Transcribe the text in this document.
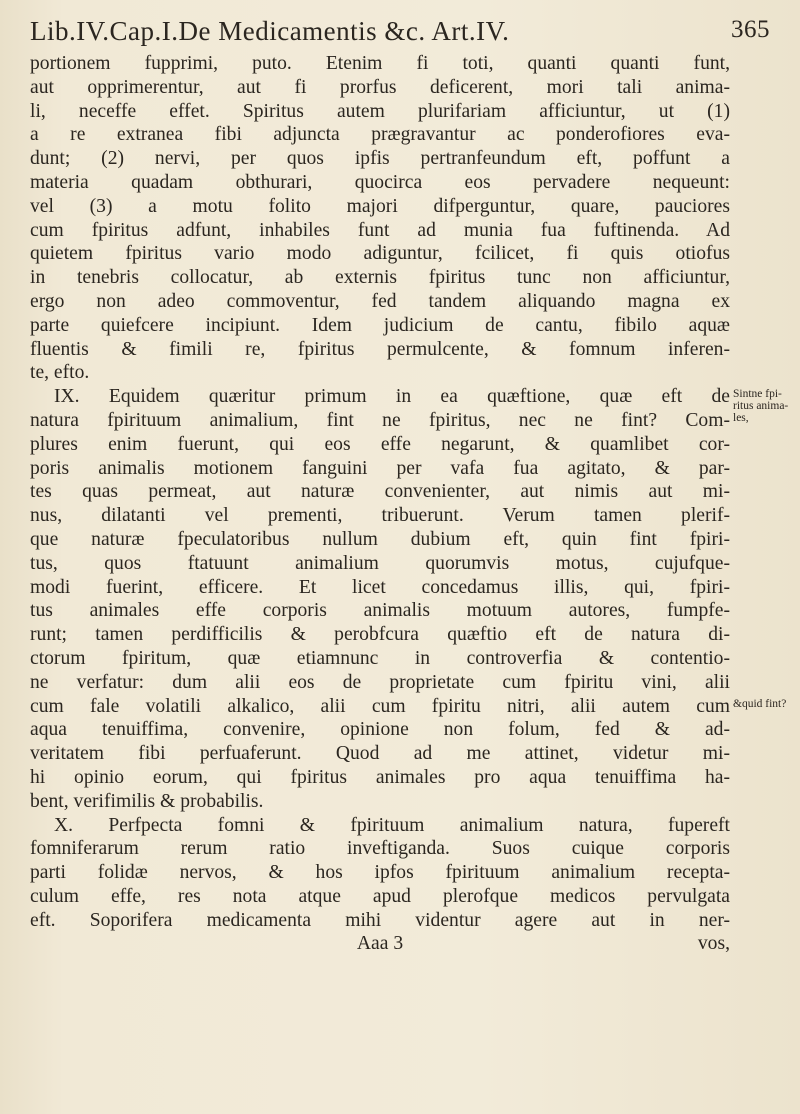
Lib.IV.Cap.I.De Medicamentis &c. Art.IV.	365
portionem fupprimi, puto. Etenim fi toti, quanti quanti funt,
aut opprimerentur, aut fi prorfus deficerent, mori tali anima-
li, neceffe effet. Spiritus autem plurifariam afficiuntur, ut (1)
a re extranea fibi adjuncta prægravantur ac ponderofiores eva-
dunt; (2) nervi, per quos ipfis pertranfeundum eft, poffunt a
materia quadam obthurari, quocirca eos pervadere nequeunt:
vel (3) a motu folito majori difperguntur, quare, pauciores
cum fpiritus adfunt, inhabiles funt ad munia fua fuftinenda. Ad
quietem fpiritus vario modo adiguntur, fcilicet, fi quis otiofus
in tenebris collocatur, ab externis fpiritus tunc non afficiuntur,
ergo non adeo commoventur, fed tandem aliquando magna ex
parte quiefcere incipiunt. Idem judicium de cantu, fibilo aquæ
fluentis & fimili re, fpiritus permulcente, & fomnum inferen-
te, efto.
IX. Equidem quæritur primum in ea quæftione, quæ eft de
natura fpirituum animalium, fint ne fpiritus, nec ne fint? Com-
plures enim fuerunt, qui eos effe negarunt, & quamlibet cor-
poris animalis motionem fanguini per vafa fua agitato, & par-
tes quas permeat, aut naturæ convenienter, aut nimis aut mi-
nus, dilatanti vel prementi, tribuerunt. Verum tamen plerif-
que naturæ fpeculatoribus nullum dubium eft, quin fint fpiri-
tus, quos ftatuunt animalium quorumvis motus, cujufque-
modi fuerint, efficere. Et licet concedamus illis, qui, fpiri-
tus animales effe corporis animalis motuum autores, fumpfe-
runt; tamen perdifficilis & perobfcura quæftio eft de natura di-
ctorum fpiritum, quæ etiamnunc in controverfia & contentio-
ne verfatur: dum alii eos de proprietate cum fpiritu vini, alii
cum fale volatili alkalico, alii cum fpiritu nitri, alii autem cum
aqua tenuiffima, convenire, opinione non folum, fed & ad-
veritatem fibi perfuaferunt. Quod ad me attinet, videtur mi-
hi opinio eorum, qui fpiritus animales pro aqua tenuiffima ha-
bent, verifimilis & probabilis.
X. Perfpecta fomni & fpirituum animalium natura, fupereft
fomniferarum rerum ratio inveftiganda. Suos cuique corporis
parti folidæ nervos, & hos ipfos fpirituum animalium recepta-
culum effe, res nota atque apud plerofque medicos pervulgata
eft. Soporifera medicamenta mihi videntur agere aut in ner-
Aaa 3	vos,
Sintne fpi-
ritus anima-
les,
&quid fint?
